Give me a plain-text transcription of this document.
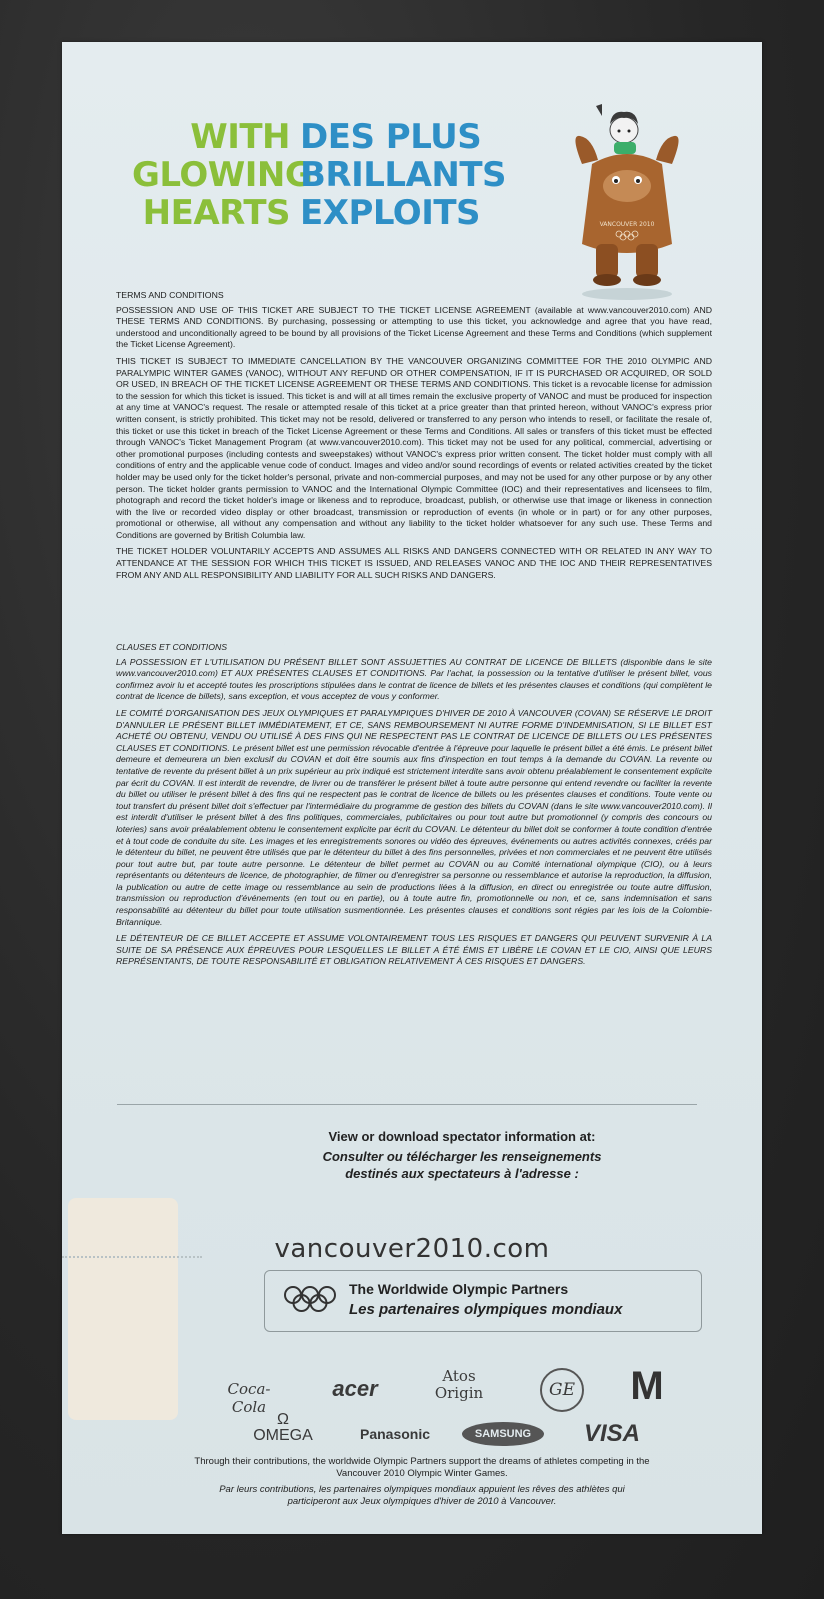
WITH
GLOWING
HEARTS
DES PLUS
BRILLANTS
EXPLOITS	VANCOUVER 2010

TERMS AND CONDITIONS

POSSESSION AND USE OF THIS TICKET ARE SUBJECT TO THE TICKET LICENSE AGREEMENT (available at www.vancouver2010.com) AND THESE TERMS AND CONDITIONS. By purchasing, possessing or attempting to use this ticket, you acknowledge and agree that you have read, understood and unconditionally agreed to be bound by all provisions of the Ticket License Agreement and these Terms and Conditions (which supplement the Ticket License Agreement).

THIS TICKET IS SUBJECT TO IMMEDIATE CANCELLATION BY THE VANCOUVER ORGANIZING COMMITTEE FOR THE 2010 OLYMPIC AND PARALYMPIC WINTER GAMES (VANOC), WITHOUT ANY REFUND OR OTHER COMPENSATION, IF IT IS PURCHASED OR ACQUIRED, OR SOLD OR USED, IN BREACH OF THE TICKET LICENSE AGREEMENT OR THESE TERMS AND CONDITIONS. This ticket is a revocable license for admission to the session for which this ticket is issued. This ticket is and will at all times remain the exclusive property of VANOC and must be produced for inspection at any time at VANOC's request. The resale or attempted resale of this ticket at a price greater than that printed hereon, without VANOC's express prior written consent, is strictly prohibited. This ticket may not be resold, delivered or transferred to any person who intends to resell, or facilitate the resale of, this ticket or use this ticket in breach of the Ticket License Agreement or these Terms and Conditions. All sales or transfers of this ticket must be effected through VANOC's Ticket Management Program (at www.vancouver2010.com). This ticket may not be used for any political, commercial, advertising or other promotional purposes (including contests and sweepstakes) without VANOC's express prior written consent. The ticket holder must comply with all conditions of entry and the applicable venue code of conduct. Images and video and/or sound recordings of events or related activities created by the ticket holder may be used only for the ticket holder's personal, private and non-commercial purposes, and may not be used for any other purpose or by any other person. The ticket holder grants permission to VANOC and the International Olympic Committee (IOC) and their representatives and licensees to film, photograph and record the ticket holder's image or likeness and to reproduce, broadcast, publish, or otherwise use that image or likeness in connection with the live or recorded video display or other broadcast, transmission or reproduction of events (in whole or in part) or for any other purposes, promotional or otherwise, all without any compensation and without any liability to the ticket holder whatsoever for any such use. These Terms and Conditions are governed by British Columbia law.

THE TICKET HOLDER VOLUNTARILY ACCEPTS AND ASSUMES ALL RISKS AND DANGERS CONNECTED WITH OR RELATED IN ANY WAY TO ATTENDANCE AT THE SESSION FOR WHICH THIS TICKET IS ISSUED, AND RELEASES VANOC AND THE IOC AND THEIR REPRESENTATIVES FROM ANY AND ALL RESPONSIBILITY AND LIABILITY FOR ALL SUCH RISKS AND DANGERS.

CLAUSES ET CONDITIONS

LA POSSESSION ET L'UTILISATION DU PRÉSENT BILLET SONT ASSUJETTIES AU CONTRAT DE LICENCE DE BILLETS (disponible dans le site www.vancouver2010.com) ET AUX PRÉSENTES CLAUSES ET CONDITIONS. Par l'achat, la possession ou la tentative d'utiliser le présent billet, vous confirmez avoir lu et accepté toutes les proscriptions stipulées dans le contrat de licence de billets et les présentes clauses et conditions (qui complètent le contrat de licence de billets), sans exception, et vous acceptez de vous y conformer.

LE COMITÉ D'ORGANISATION DES JEUX OLYMPIQUES ET PARALYMPIQUES D'HIVER DE 2010 À VANCOUVER (COVAN) SE RÉSERVE LE DROIT D'ANNULER LE PRÉSENT BILLET IMMÉDIATEMENT, ET CE, SANS REMBOURSEMENT NI AUTRE FORME D'INDEMNISATION, SI LE BILLET EST ACHETÉ OU OBTENU, VENDU OU UTILISÉ À DES FINS QUI NE RESPECTENT PAS LE CONTRAT DE LICENCE DE BILLETS OU LES PRÉSENTES CLAUSES ET CONDITIONS. Le présent billet est une permission révocable d'entrée à l'épreuve pour laquelle le présent billet a été émis. Le présent billet demeure et demeurera un bien exclusif du COVAN et doit être soumis aux fins d'inspection en tout temps à la demande du COVAN. La revente ou tentative de revente du présent billet à un prix supérieur au prix indiqué est strictement interdite sans avoir obtenu préalablement le consentement explicite par écrit du COVAN. Il est interdit de revendre, de livrer ou de transférer le présent billet à toute autre personne qui entend revendre ou faciliter la revente du billet ou utiliser le présent billet à des fins qui ne respectent pas le contrat de licence de billets ou les présentes clauses et conditions. Toute vente ou tout transfert du présent billet doit s'effectuer par l'intermédiaire du programme de gestion des billets du COVAN (dans le site www.vancouver2010.com). Il est interdit d'utiliser le présent billet à des fins politiques, commerciales, publicitaires ou pour tout autre but promotionnel (y compris des concours ou loteries) sans avoir préalablement obtenu le consentement explicite par écrit du COVAN. Le détenteur du billet doit se conformer à toute condition d'entrée et à tout code de conduite du site. Les images et les enregistrements sonores ou vidéo des épreuves, événements ou autres activités connexes, créés par le détenteur du billet, ne peuvent être utilisés que par le détenteur du billet à des fins personnelles, privées et non commerciales et ne peuvent être utilisés pour tout autre but, par toute autre personne. Le détenteur de billet permet au COVAN ou au Comité international olympique (CIO), ou à leurs représentants ou détenteurs de licence, de photographier, de filmer ou d'enregistrer sa personne ou ressemblance et autorise la reproduction, la diffusion, la publication ou autre de cette image ou ressemblance au sein de productions liées à la diffusion, en direct ou enregistrée ou toute autre diffusion, transmission ou reproduction d'événements (en tout ou en partie), ou à toute autre fin, promotionnelle ou non, et ce, sans indemnisation et sans responsabilité au détenteur du billet pour toute utilisation susmentionnée. Les présentes clauses et conditions sont régies par les lois de la Colombie-Britannique.

LE DÉTENTEUR DE CE BILLET ACCEPTE ET ASSUME VOLONTAIREMENT TOUS LES RISQUES ET DANGERS QUI PEUVENT SURVENIR À LA SUITE DE SA PRÉSENCE AUX ÉPREUVES POUR LESQUELLES LE BILLET A ÉTÉ ÉMIS ET LIBÈRE LE COVAN ET LE CIO, AINSI QUE LEURS REPRÉSENTANTS, DE TOUTE RESPONSABILITÉ ET OBLIGATION RELATIVEMENT À CES RISQUES ET DANGERS.

View or download spectator information at:
Consulter ou télécharger les renseignements destinés aux spectateurs à l'adresse :
vancouver2010.com
The Worldwide Olympic Partners
Les partenaires olympiques mondiaux
Coca-Cola
acer	Atos Origin	GE M
Ω
OMEGA	Panasonic	SAMSUNG	VISA
Through their contributions, the worldwide Olympic Partners support the dreams of athletes competing in the Vancouver 2010 Olympic Winter Games.
Par leurs contributions, les partenaires olympiques mondiaux appuient les rêves des athlètes qui participeront aux Jeux olympiques d'hiver de 2010 à Vancouver.
